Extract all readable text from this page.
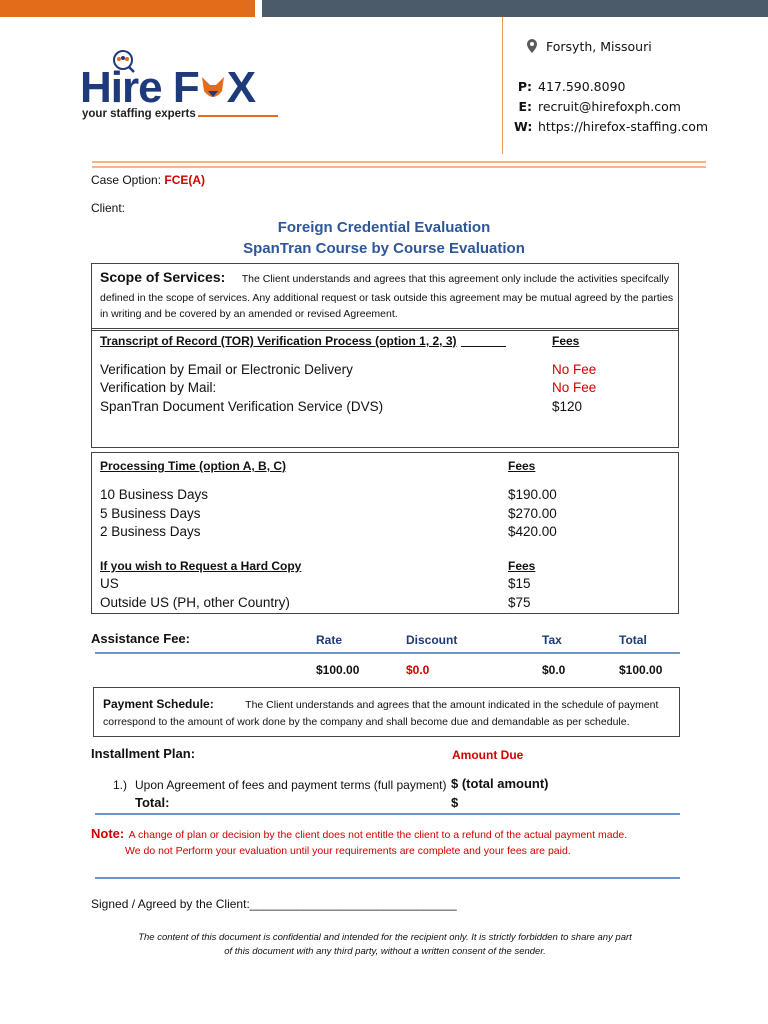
Hire F X
your staffing experts
Forsyth, Missouri
P: 417.590.8090
E: recruit@hirefoxph.com
W: https://hirefox-staffing.com
Case Option: FCE(A)
Client:
Foreign Credential Evaluation
SpanTran Course by Course Evaluation
Scope of Services: The Client understands and agrees that this agreement only include the activities specifcally
defined in the scope of services. Any additional request or task outside this agreement may be mutual agreed by the parties
in writing and be covered by an amended or revised Agreement.
Transcript of Record (TOR) Verification Process (option 1, 2, 3)	Fees
Verification by Email or Electronic Delivery	No Fee
Verification by Mail:	No Fee
SpanTran Document Verification Service (DVS)	$120
Processing Time (option A, B, C)	Fees
10 Business Days	$190.00
5 Business Days	$270.00
2 Business Days	$420.00
If you wish to Request a Hard Copy	Fees
US	$15
Outside US (PH, other Country)	$75
Assistance Fee:	Rate	Discount	Tax	Total
$100.00	$0.0	$0.0	$100.00
Payment Schedule:	The Client understands and agrees that the amount indicated in the schedule of payment
correspond to the amount of work done by the company and shall become due and demandable as per schedule.
Installment Plan:	Amount Due
1.) Upon Agreement of fees and payment terms (full payment) $ (total amount)
Total:	$
Note: A change of plan or decision by the client does not entitle the client to a refund of the actual payment made.
We do not Perform your evaluation until your requirements are complete and your fees are paid.
Signed / Agreed by the Client:_______________________________
The content of this document is confidential and intended for the recipient only. It is strictly forbidden to share any part
of this document with any third party, without a written consent of the sender.
